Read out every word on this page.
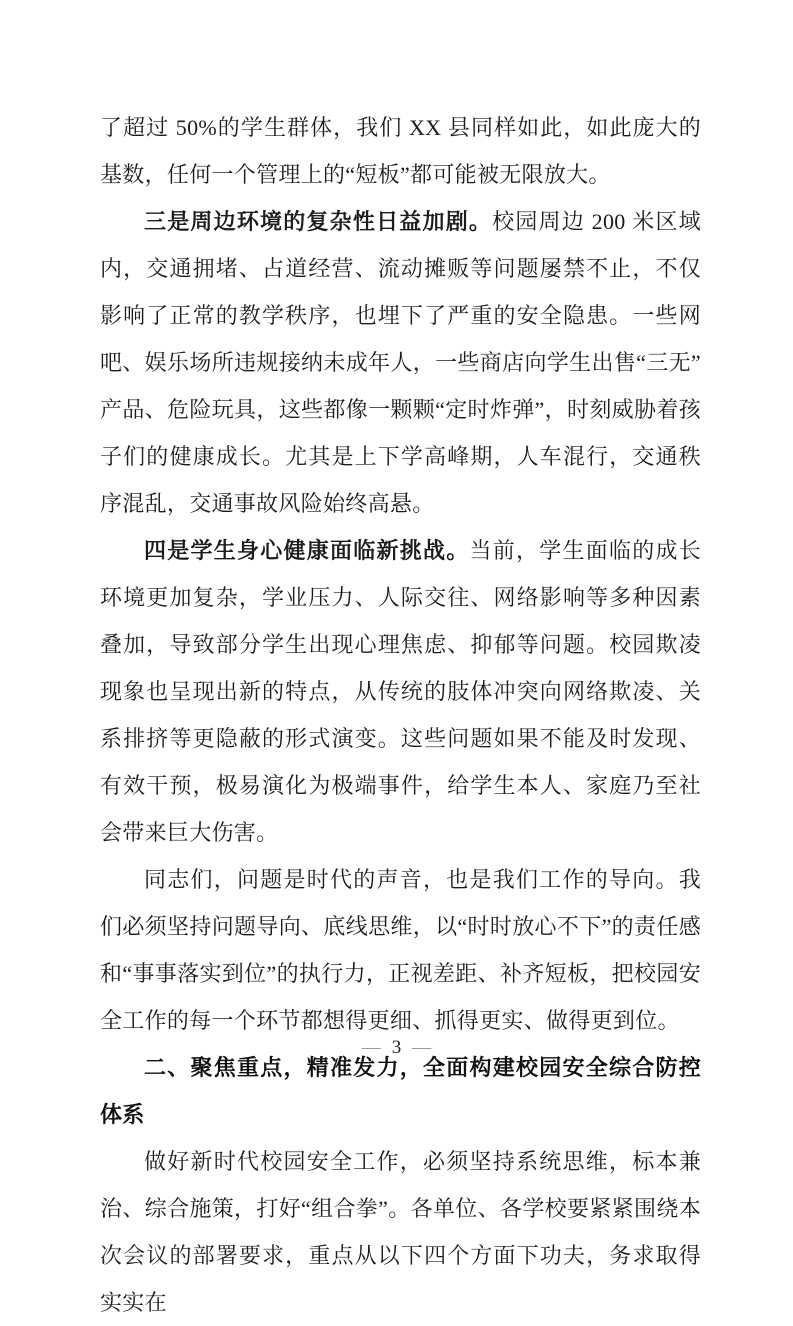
了超过 50%的学生群体，我们 XX 县同样如此，如此庞大的基数，任何一个管理上的“短板”都可能被无限放大。

三是周边环境的复杂性日益加剧。校园周边 200 米区域内，交通拥堵、占道经营、流动摊贩等问题屡禁不止，不仅影响了正常的教学秩序，也埋下了严重的安全隐患。一些网吧、娱乐场所违规接纳未成年人，一些商店向学生出售“三无”产品、危险玩具，这些都像一颗颗“定时炸弹”，时刻威胁着孩子们的健康成长。尤其是上下学高峰期，人车混行，交通秩序混乱，交通事故风险始终高悬。

四是学生身心健康面临新挑战。当前，学生面临的成长环境更加复杂，学业压力、人际交往、网络影响等多种因素叠加，导致部分学生出现心理焦虑、抑郁等问题。校园欺凌现象也呈现出新的特点，从传统的肢体冲突向网络欺凌、关系排挤等更隐蔽的形式演变。这些问题如果不能及时发现、有效干预，极易演化为极端事件，给学生本人、家庭乃至社会带来巨大伤害。

同志们，问题是时代的声音，也是我们工作的导向。我们必须坚持问题导向、底线思维，以“时时放心不下”的责任感和“事事落实到位”的执行力，正视差距、补齐短板，把校园安全工作的每一个环节都想得更细、抓得更实、做得更到位。

二、聚焦重点，精准发力，全面构建校园安全综合防控体系

做好新时代校园安全工作，必须坚持系统思维，标本兼治、综合施策，打好“组合拳”。各单位、各学校要紧紧围绕本次会议的部署要求，重点从以下四个方面下功夫，务求取得实实在

— 3 —
